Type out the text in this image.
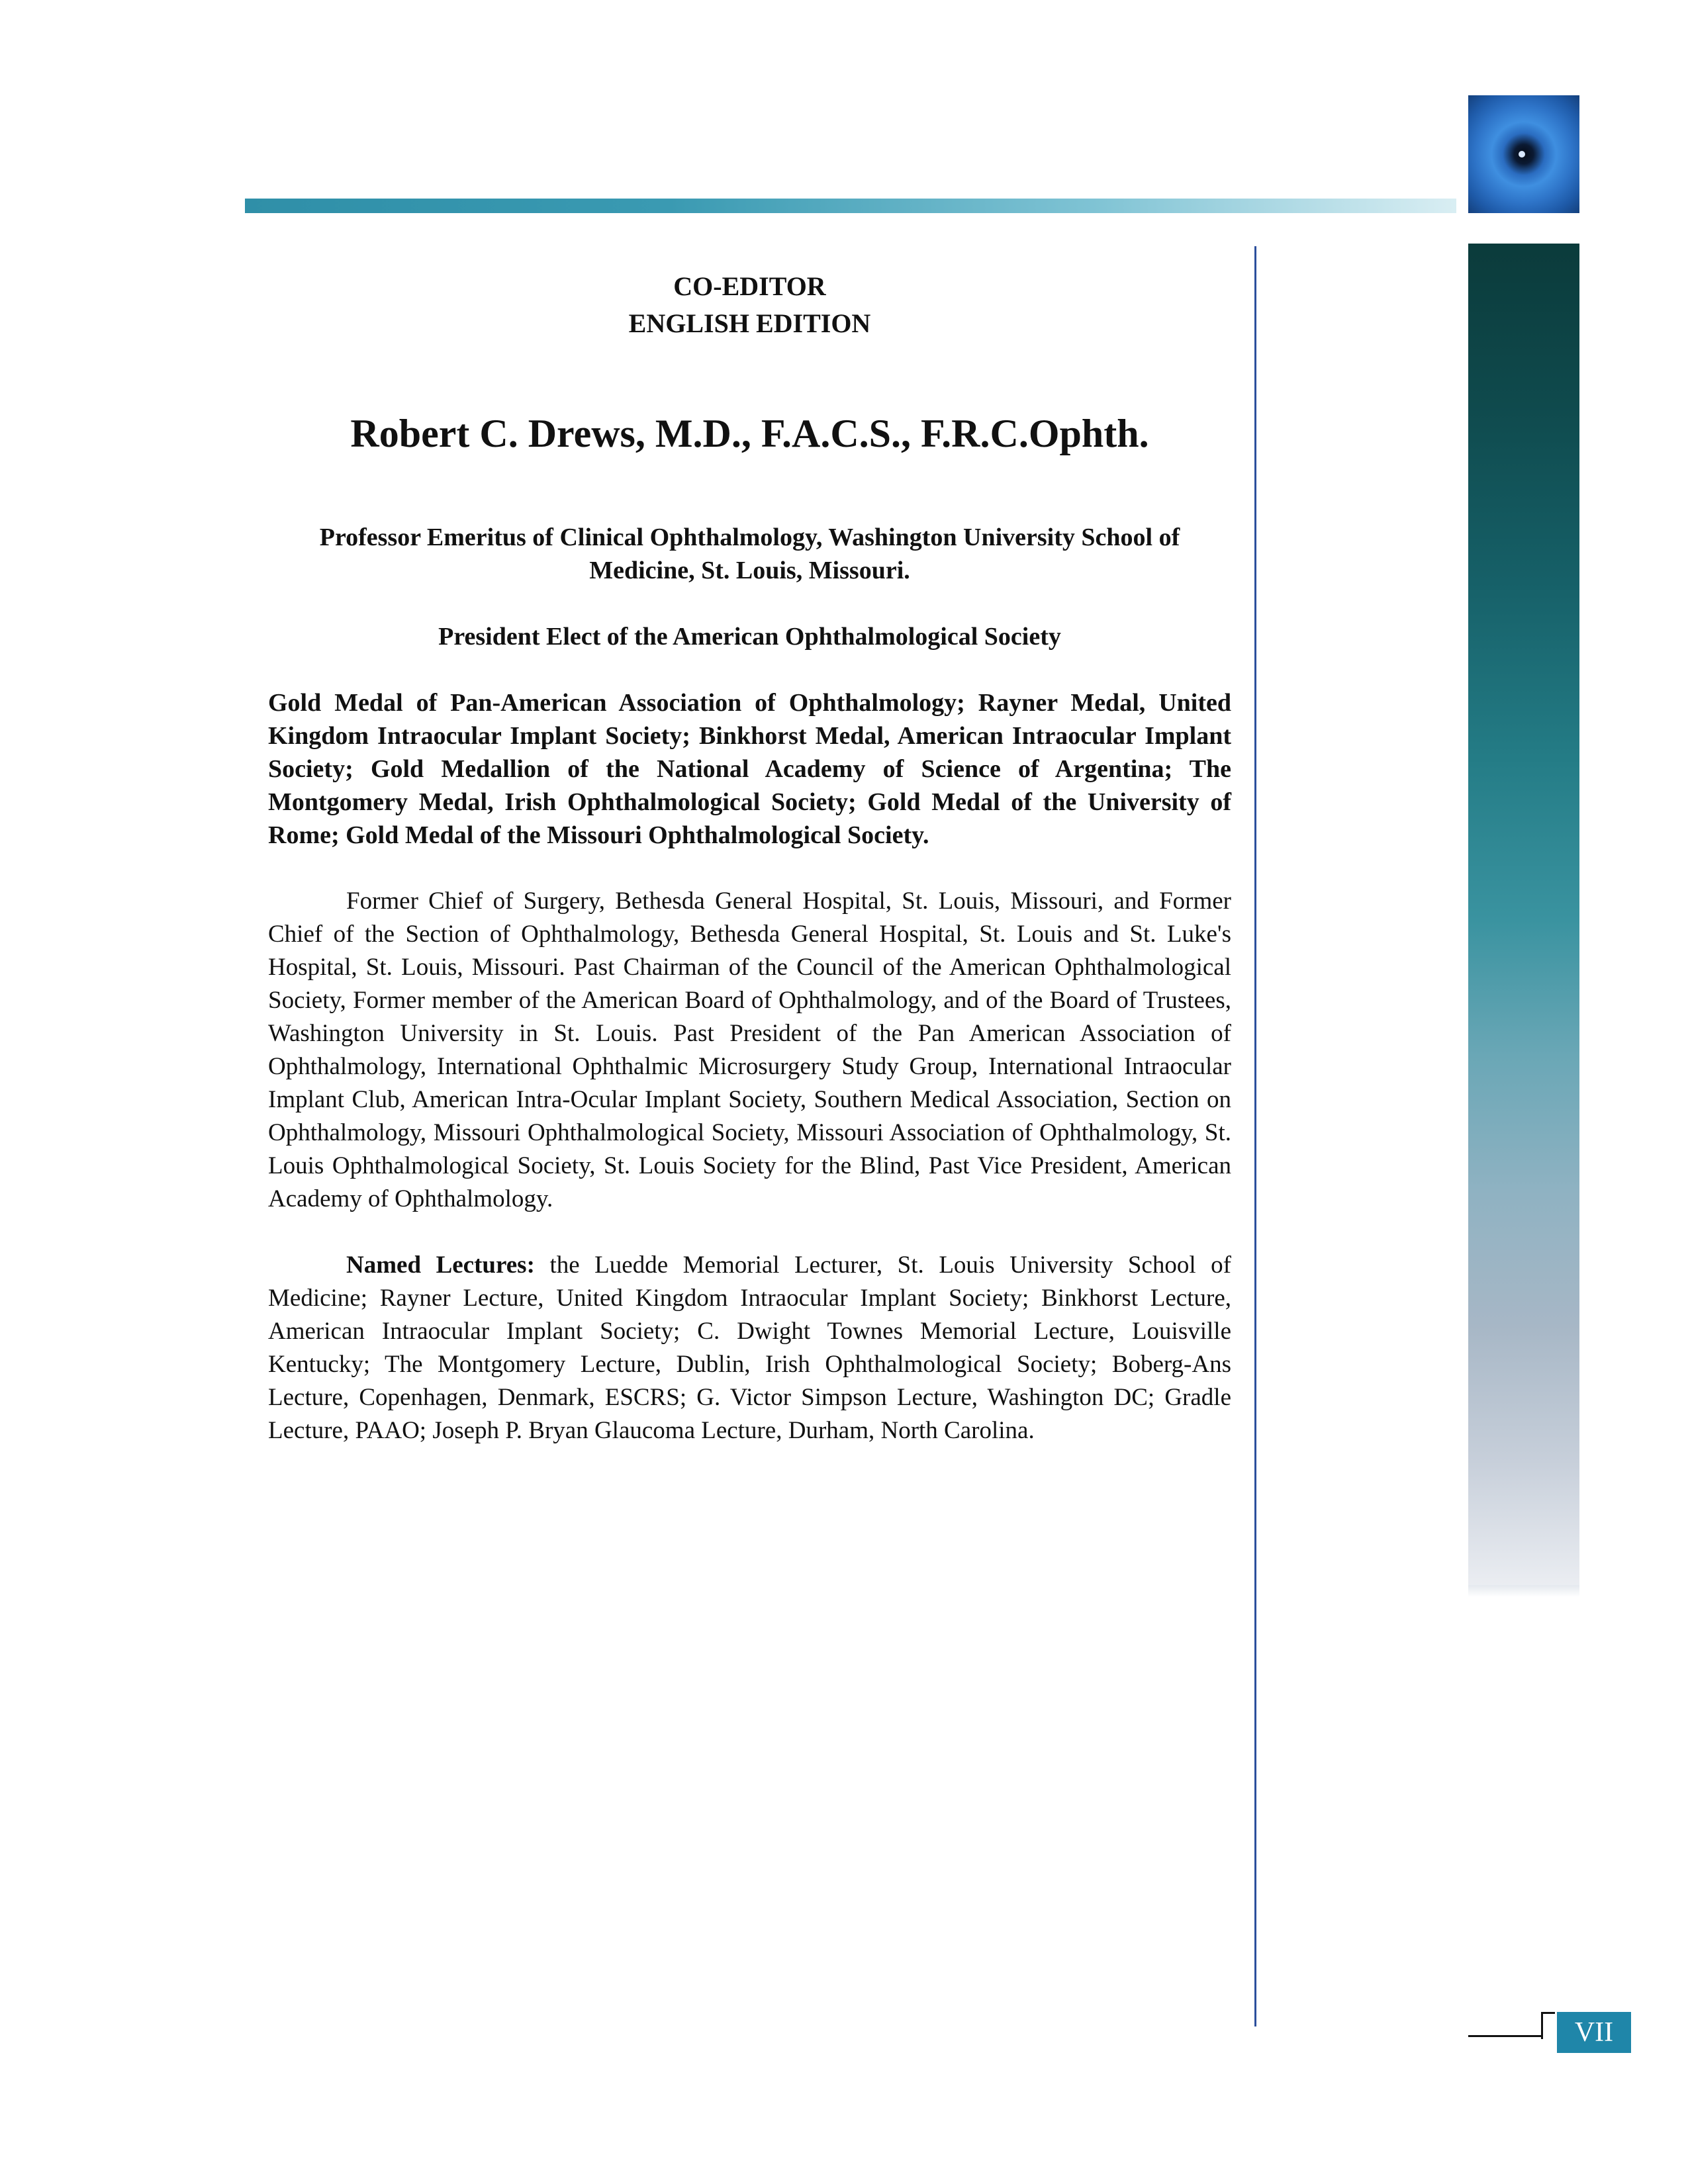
CO-EDITOR
ENGLISH EDITION
Robert C. Drews, M.D., F.A.C.S., F.R.C.Ophth.
Professor Emeritus of Clinical Ophthalmology, Washington University School of
Medicine, St. Louis, Missouri.
President Elect of the American Ophthalmological Society
Gold Medal of Pan-American Association of Ophthalmology; Rayner Medal, United Kingdom Intraocular Implant Society; Binkhorst Medal, American Intraocular Implant Society; Gold Medallion of the National Academy of Science of Argentina; The Montgomery Medal, Irish Ophthalmological Society; Gold Medal of the University of Rome; Gold Medal of the Missouri Ophthalmological Society.
Former Chief of Surgery, Bethesda General Hospital, St. Louis, Missouri, and Former Chief of the Section of Ophthalmology, Bethesda General Hospital, St. Louis and St. Luke's Hospital, St. Louis, Missouri. Past Chairman of the Council of the American Ophthalmological Society, Former member of the American Board of Ophthalmology, and of the Board of Trustees, Washington University in St. Louis. Past President of the Pan American Association of Ophthalmology, International Ophthalmic Microsurgery Study Group, International Intraocular Implant Club, American Intra-Ocular Implant Society, Southern Medical Association, Section on Ophthalmology, Missouri Ophthalmological Society, Missouri Association of Ophthalmology, St. Louis Ophthalmological Society, St. Louis Society for the Blind, Past Vice President, American Academy of Ophthalmology.
Named Lectures: the Luedde Memorial Lecturer, St. Louis University School of Medicine; Rayner Lecture, United Kingdom Intraocular Implant Society; Binkhorst Lecture, American Intraocular Implant Society; C. Dwight Townes Memorial Lecture, Louisville Kentucky; The Montgomery Lecture, Dublin, Irish Ophthalmological Society; Boberg-Ans Lecture, Copenhagen, Denmark, ESCRS; G. Victor Simpson Lecture, Washington DC; Gradle Lecture, PAAO; Joseph P. Bryan Glaucoma Lecture, Durham, North Carolina.
VII
